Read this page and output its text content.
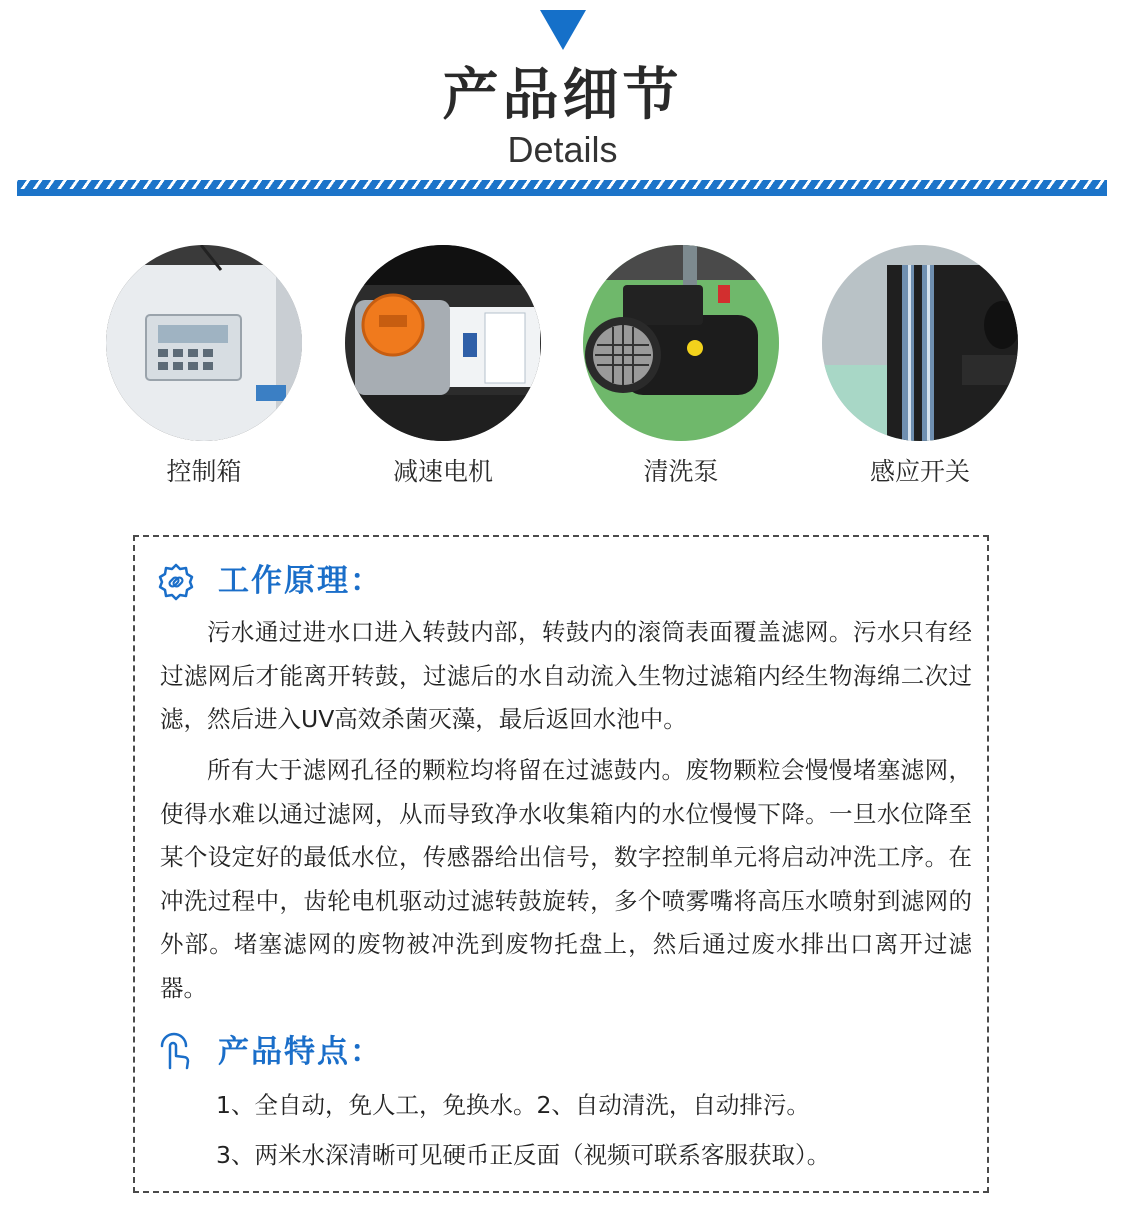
产品细节
Details
控制箱	减速电机	清洗泵	感应开关
工作原理：

污水通过进水口进入转鼓内部，转鼓内的滚筒表面覆盖滤网。污水只有经过滤网后才能离开转鼓，过滤后的水自动流入生物过滤箱内经生物海绵二次过滤，然后进入UV高效杀菌灭藻，最后返回水池中。

所有大于滤网孔径的颗粒均将留在过滤鼓内。废物颗粒会慢慢堵塞滤网，使得水难以通过滤网，从而导致净水收集箱内的水位慢慢下降。一旦水位降至某个设定好的最低水位，传感器给出信号，数字控制单元将启动冲洗工序。在冲洗过程中，齿轮电机驱动过滤转鼓旋转，多个喷雾嘴将高压水喷射到滤网的外部。堵塞滤网的废物被冲洗到废物托盘上，然后通过废水排出口离开过滤器。

产品特点：

1、全自动，免人工，免换水。2、自动清洗，自动排污。

3、两米水深清晰可见硬币正反面（视频可联系客服获取）。
